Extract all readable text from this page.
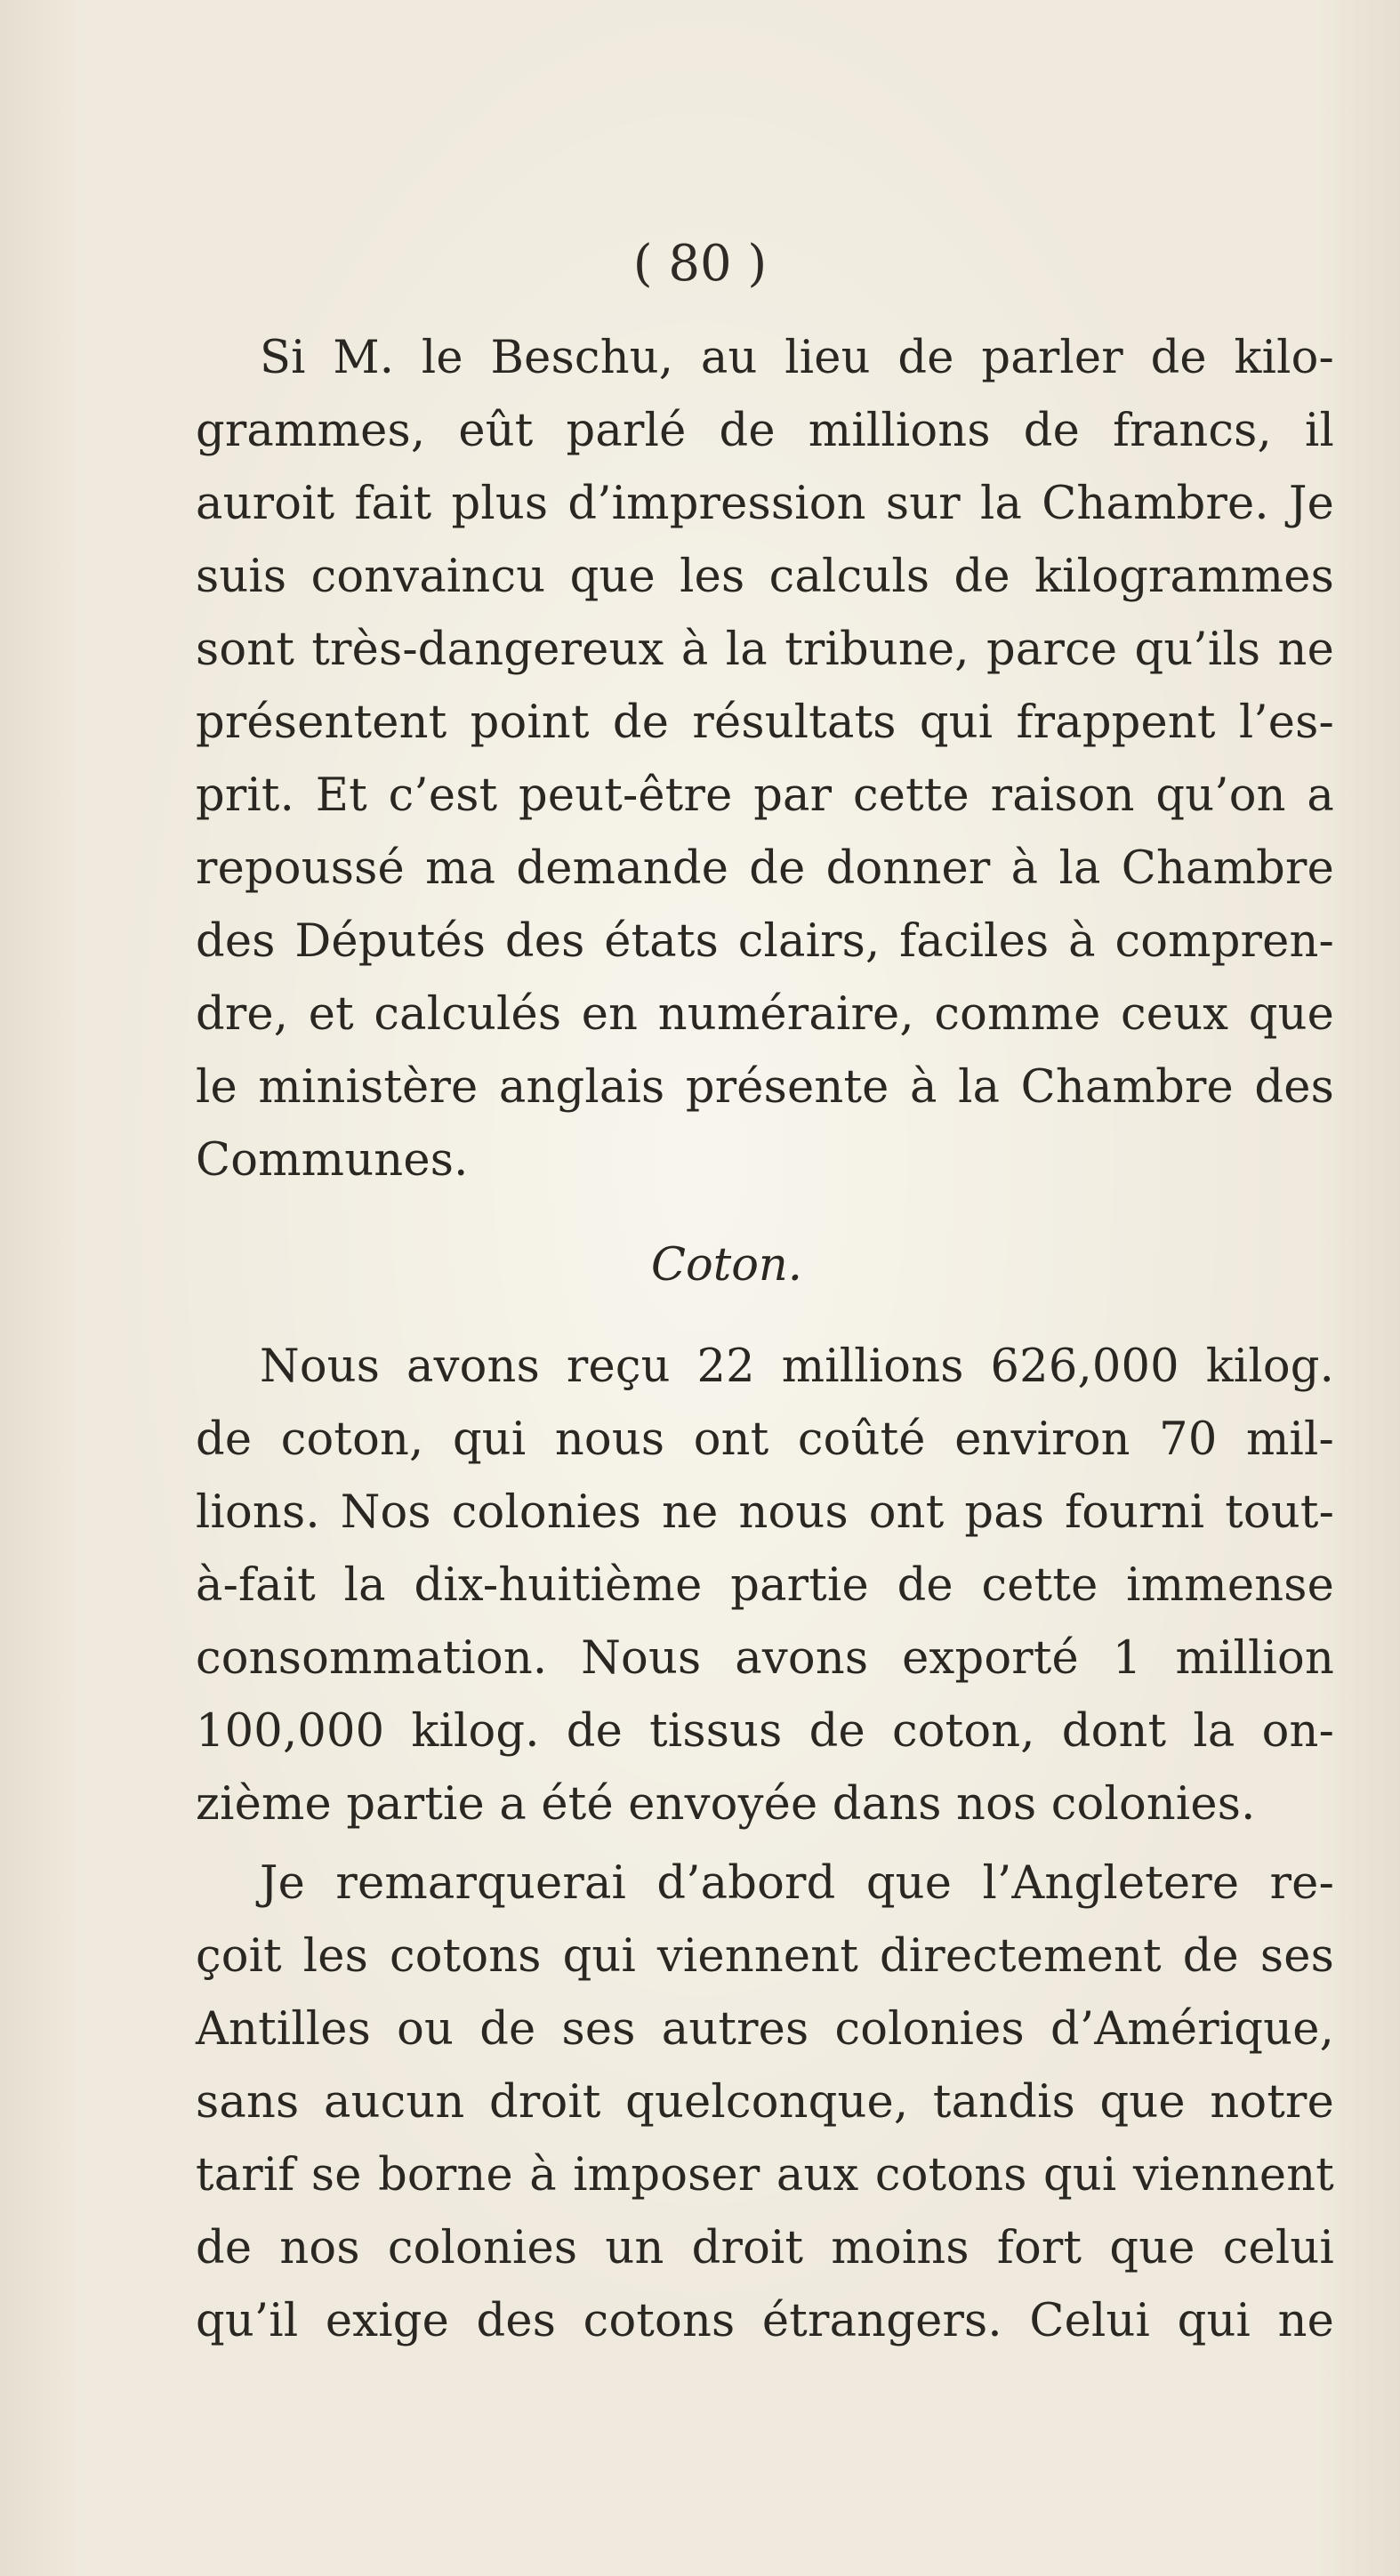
( 80 )
Si M. le Beschu, au lieu de parler de kilo-
grammes, eût parlé de millions de francs, il
auroit fait plus d’impression sur la Chambre. Je
suis convaincu que les calculs de kilogrammes
sont très-dangereux à la tribune, parce qu’ils ne
présentent point de résultats qui frappent l’es-
prit. Et c’est peut-être par cette raison qu’on a
repoussé ma demande de donner à la Chambre
des Députés des états clairs, faciles à compren-
dre, et calculés en numéraire, comme ceux que
le ministère anglais présente à la Chambre des
Communes.
Coton.
Nous avons reçu 22 millions 626,000 kilog.
de coton, qui nous ont coûté environ 70 mil-
lions. Nos colonies ne nous ont pas fourni tout-
à-fait la dix-huitième partie de cette immense
consommation. Nous avons exporté 1 million
100,000 kilog. de tissus de coton, dont la on-
zième partie a été envoyée dans nos colonies.
Je remarquerai d’abord que l’Angletere re-
çoit les cotons qui viennent directement de ses
Antilles ou de ses autres colonies d’Amérique,
sans aucun droit quelconque, tandis que notre
tarif se borne à imposer aux cotons qui viennent
de nos colonies un droit moins fort que celui
qu’il exige des cotons étrangers. Celui qui ne
